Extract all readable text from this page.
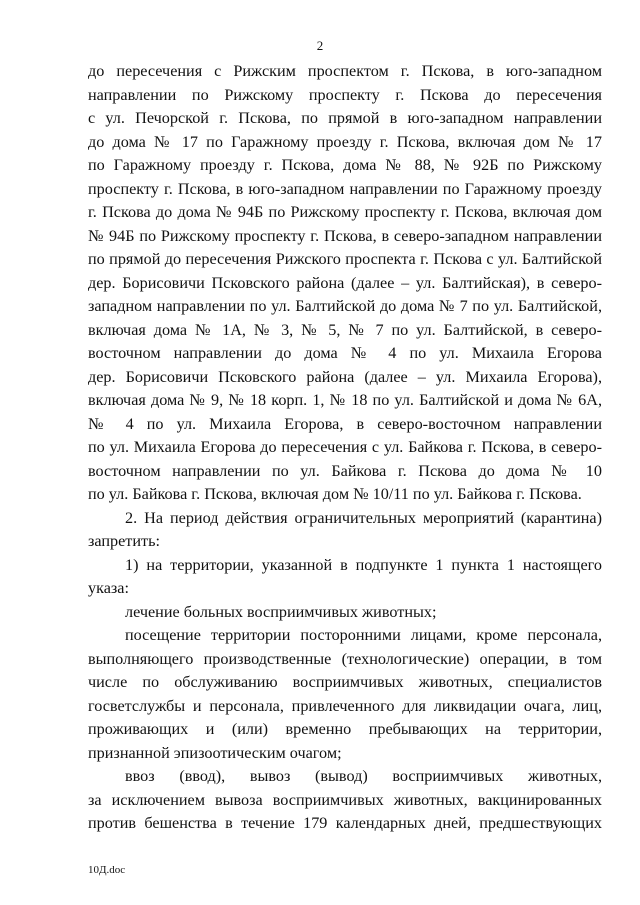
2
до пересечения с Рижским проспектом г. Пскова, в юго-западном
направлении по Рижскому проспекту г. Пскова до пересечения
с ул. Печорской г. Пскова, по прямой в юго-западном направлении
до дома № 17 по Гаражному проезду г. Пскова, включая дом № 17
по Гаражному проезду г. Пскова, дома № 88, № 92Б по Рижскому
проспекту г. Пскова, в юго-западном направлении по Гаражному проезду
г. Пскова до дома № 94Б по Рижскому проспекту г. Пскова, включая дом
№ 94Б по Рижскому проспекту г. Пскова, в северо-западном направлении
по прямой до пересечения Рижского проспекта г. Пскова с ул. Балтийской
дер. Борисовичи Псковского района (далее – ул. Балтийская), в северо-
западном направлении по ул. Балтийской до дома № 7 по ул. Балтийской,
включая дома № 1А, № 3, № 5, № 7 по ул. Балтийской, в северо-
восточном направлении до дома № 4 по ул. Михаила Егорова
дер. Борисовичи Псковского района (далее – ул. Михаила Егорова),
включая дома № 9, № 18 корп. 1, № 18 по ул. Балтийской и дома № 6А,
№ 4 по ул. Михаила Егорова, в северо-восточном направлении
по ул. Михаила Егорова до пересечения с ул. Байкова г. Пскова, в северо-
восточном направлении по ул. Байкова г. Пскова до дома № 10
по ул. Байкова г. Пскова, включая дом № 10/11 по ул. Байкова г. Пскова.
2. На период действия ограничительных мероприятий (карантина)
запретить:
1) на территории, указанной в подпункте 1 пункта 1 настоящего
указа:
лечение больных восприимчивых животных;
посещение территории посторонними лицами, кроме персонала,
выполняющего производственные (технологические) операции, в том
числе по обслуживанию восприимчивых животных, специалистов
госветслужбы и персонала, привлеченного для ликвидации очага, лиц,
проживающих и (или) временно пребывающих на территории,
признанной эпизоотическим очагом;
ввоз (ввод), вывоз (вывод) восприимчивых животных,
за исключением вывоза восприимчивых животных, вакцинированных
против бешенства в течение 179 календарных дней, предшествующих
10Д.doc
